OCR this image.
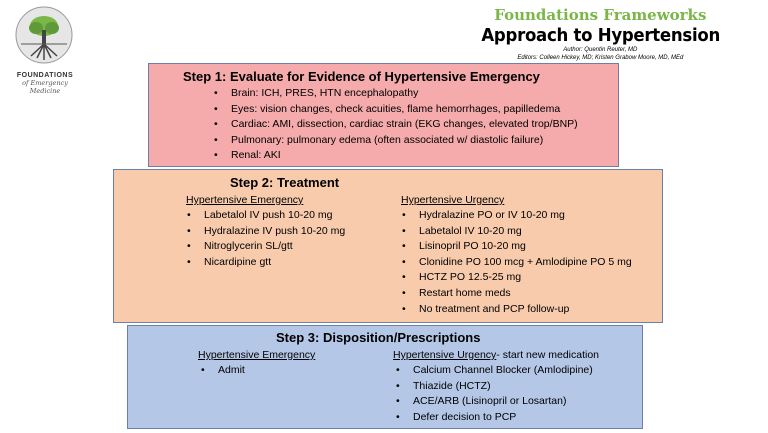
FOUNDATIONS
of Emergency Medicine
Foundations Frameworks
Approach to Hypertension
Author: Quentin Reuter, MD
Editors: Colleen Hickey, MD; Kristen Grabow Moore, MD, MEd
Step 1: Evaluate for Evidence of Hypertensive Emergency
• Brain: ICH, PRES, HTN encephalopathy
• Eyes: vision changes, check acuities, flame hemorrhages, papilledema
• Cardiac: AMI, dissection, cardiac strain (EKG changes, elevated trop/BNP)
• Pulmonary: pulmonary edema (often associated w/ diastolic failure)
• Renal: AKI
Step 2: Treatment
Hypertensive Emergency
• Labetalol IV push 10-20 mg
• Hydralazine IV push 10-20 mg
• Nitroglycerin SL/gtt
• Nicardipine gtt
Hypertensive Urgency
• Hydralazine PO or IV 10-20 mg
• Labetalol IV 10-20 mg
• Lisinopril PO 10-20 mg
• Clonidine PO 100 mcg + Amlodipine PO 5 mg
• HCTZ PO 12.5-25 mg
• Restart home meds
• No treatment and PCP follow-up
Step 3: Disposition/Prescriptions
Hypertensive Emergency
• Admit
Hypertensive Urgency- start new medication
• Calcium Channel Blocker (Amlodipine)
• Thiazide (HCTZ)
• ACE/ARB (Lisinopril or Losartan)
• Defer decision to PCP
